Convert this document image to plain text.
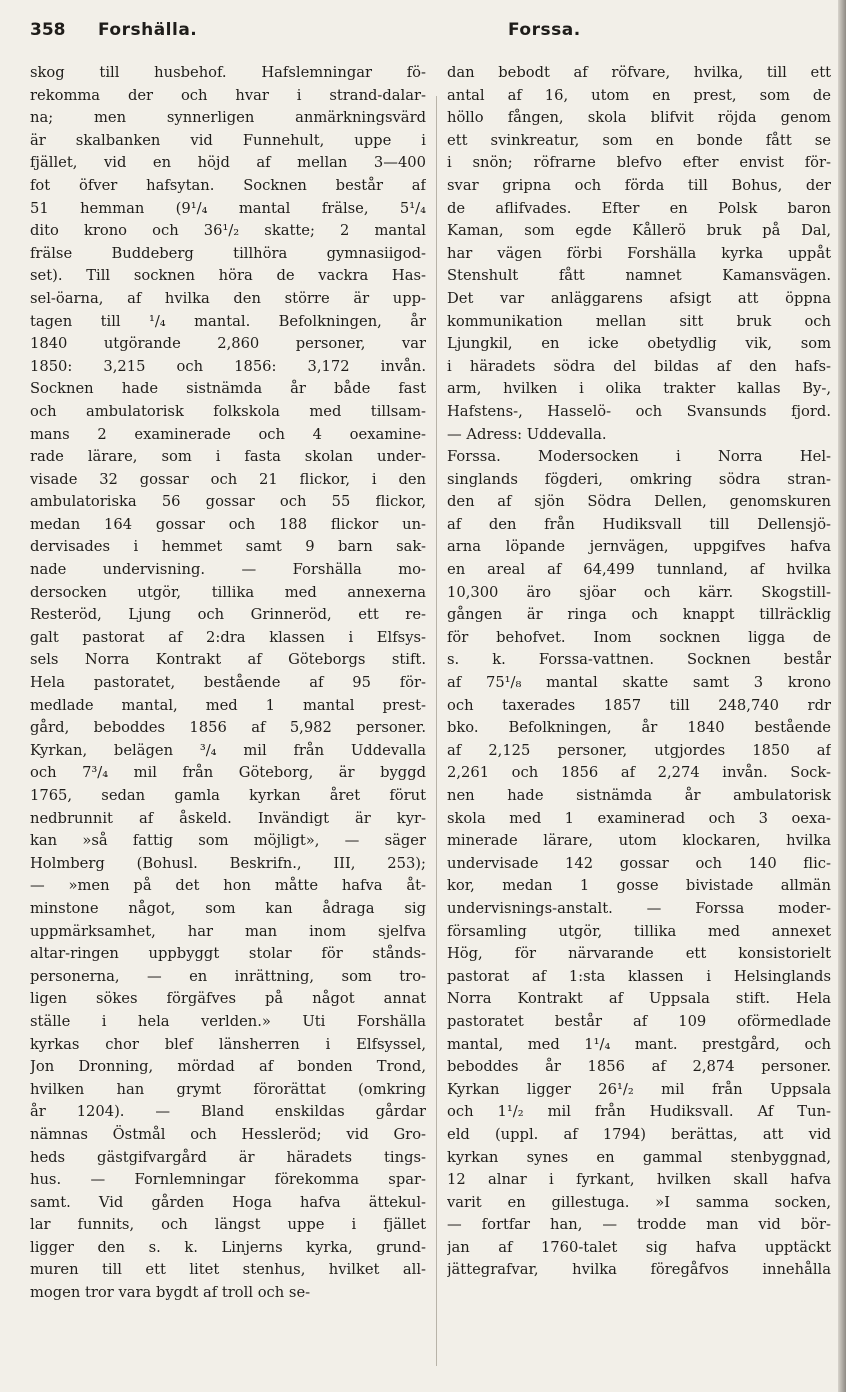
358 Forshälla.	Forssa.
skog till husbehof. Hafslemningar fö-
rekomma der och hvar i strand-dalar-
na; men synnerligen anmärkningsvärd
är skalbanken vid Funnehult, uppe i
fjället, vid en höjd af mellan 3—400
fot öfver hafsytan. Socknen består af
51 hemman (9¹/₄ mantal frälse, 5¹/₄
dito krono och 36¹/₂ skatte; 2 mantal
frälse Buddeberg tillhöra gymnasiigod-
set). Till socknen höra de vackra Has-
sel-öarna, af hvilka den större är upp-
tagen till ¹/₄ mantal. Befolkningen, år
1840 utgörande 2,860 personer, var
1850: 3,215 och 1856: 3,172 invån.
Socknen hade sistnämda år både fast
och ambulatorisk folkskola med tillsam-
mans 2 examinerade och 4 oexamine-
rade lärare, som i fasta skolan under-
visade 32 gossar och 21 flickor, i den
ambulatoriska 56 gossar och 55 flickor,
medan 164 gossar och 188 flickor un-
dervisades i hemmet samt 9 barn sak-
nade undervisning. — Forshälla mo-
dersocken utgör, tillika med annexerna
Resteröd, Ljung och Grinneröd, ett re-
galt pastorat af 2:dra klassen i Elfsys-
sels Norra Kontrakt af Göteborgs stift.
Hela pastoratet, bestående af 95 för-
medlade mantal, med 1 mantal prest-
gård, beboddes 1856 af 5,982 personer.
Kyrkan, belägen ³/₄ mil från Uddevalla
och 7³/₄ mil från Göteborg, är byggd
1765, sedan gamla kyrkan året förut
nedbrunnit af åskeld. Invändigt är kyr-
kan »så fattig som möjligt», — säger
Holmberg (Bohusl. Beskrifn., III, 253);
— »men på det hon måtte hafva åt-
minstone något, som kan ådraga sig
uppmärksamhet, har man inom sjelfva
altar-ringen uppbyggt stolar för stånds-
personerna, — en inrättning, som tro-
ligen sökes förgäfves på något annat
ställe i hela verlden.» Uti Forshälla
kyrkas chor blef länsherren i Elfsyssel,
Jon Dronning, mördad af bonden Trond,
hvilken han grymt förorättat (omkring
år 1204). — Bland enskildas gårdar
nämnas Östmål och Hessleröd; vid Gro-
heds gästgifvargård är häradets tings-
hus. — Fornlemningar förekomma spar-
samt. Vid gården Hoga hafva ättekul-
lar funnits, och längst uppe i fjället
ligger den s. k. Linjerns kyrka, grund-
muren till ett litet stenhus, hvilket all-
mogen tror vara bygdt af troll och se-
dan bebodt af röfvare, hvilka, till ett
antal af 16, utom en prest, som de
höllo fången, skola blifvit röjda genom
ett svinkreatur, som en bonde fått se
i snön; röfrarne blefvo efter envist för-
svar gripna och förda till Bohus, der
de aflifvades. Efter en Polsk baron
Kaman, som egde Kållerö bruk på Dal,
har vägen förbi Forshälla kyrka uppåt
Stenshult fått namnet Kamansvägen.
Det var anläggarens afsigt att öppna
kommunikation mellan sitt bruk och
Ljungkil, en icke obetydlig vik, som
i häradets södra del bildas af den hafs-
arm, hvilken i olika trakter kallas By-,
Hafstens-, Hasselö- och Svansunds fjord.
— Adress: Uddevalla.
Forssa. Modersocken i Norra Hel-
singlands fögderi, omkring södra stran-
den af sjön Södra Dellen, genomskuren
af den från Hudiksvall till Dellensjö-
arna löpande jernvägen, uppgifves hafva
en areal af 64,499 tunnland, af hvilka
10,300 äro sjöar och kärr. Skogstill-
gången är ringa och knappt tillräcklig
för behofvet. Inom socknen ligga de
s. k. Forssa-vattnen. Socknen består
af 75¹/₈ mantal skatte samt 3 krono
och taxerades 1857 till 248,740 rdr
bko. Befolkningen, år 1840 bestående
af 2,125 personer, utgjordes 1850 af
2,261 och 1856 af 2,274 invån. Sock-
nen hade sistnämda år ambulatorisk
skola med 1 examinerad och 3 oexa-
minerade lärare, utom klockaren, hvilka
undervisade 142 gossar och 140 flic-
kor, medan 1 gosse bivistade allmän
undervisnings-anstalt. — Forssa moder-
församling utgör, tillika med annexet
Hög, för närvarande ett konsistorielt
pastorat af 1:sta klassen i Helsinglands
Norra Kontrakt af Uppsala stift. Hela
pastoratet består af 109 oförmedlade
mantal, med 1¹/₄ mant. prestgård, och
beboddes år 1856 af 2,874 personer.
Kyrkan ligger 26¹/₂ mil från Uppsala
och 1¹/₂ mil från Hudiksvall. Af Tun-
eld (uppl. af 1794) berättas, att vid
kyrkan synes en gammal stenbyggnad,
12 alnar i fyrkant, hvilken skall hafva
varit en gillestuga. »I samma socken,
— fortfar han, — trodde man vid bör-
jan af 1760-talet sig hafva upptäckt
jättegrafvar, hvilka föregåfvos innehålla
